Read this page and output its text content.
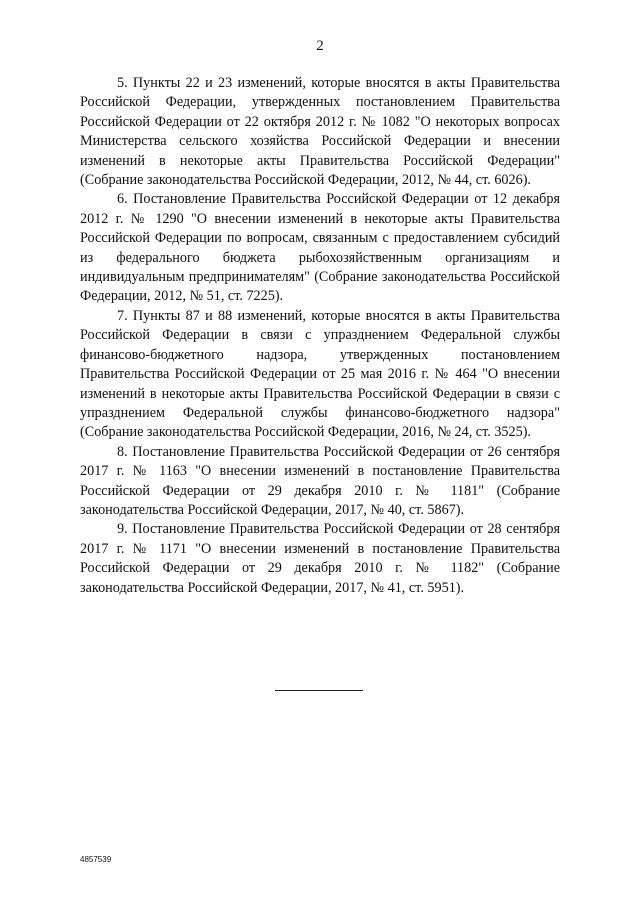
2

5. Пункты 22 и 23 изменений, которые вносятся в акты Правительства Российской Федерации, утвержденных постановлением Правительства Российской Федерации от 22 октября 2012 г. № 1082 "О некоторых вопросах Министерства сельского хозяйства Российской Федерации и внесении изменений в некоторые акты Правительства Российской Федерации" (Собрание законодательства Российской Федерации, 2012, № 44, ст. 6026).

6. Постановление Правительства Российской Федерации от 12 декабря 2012 г. № 1290 "О внесении изменений в некоторые акты Правительства Российской Федерации по вопросам, связанным с предоставлением субсидий из федерального бюджета рыбохозяйственным организациям и индивидуальным предпринимателям" (Собрание законодательства Российской Федерации, 2012, № 51, ст. 7225).

7. Пункты 87 и 88 изменений, которые вносятся в акты Правительства Российской Федерации в связи с упразднением Федеральной службы финансово-бюджетного надзора, утвержденных постановлением Правительства Российской Федерации от 25 мая 2016 г. № 464 "О внесении изменений в некоторые акты Правительства Российской Федерации в связи с упразднением Федеральной службы финансово-бюджетного надзора" (Собрание законодательства Российской Федерации, 2016, № 24, ст. 3525).

8. Постановление Правительства Российской Федерации от 26 сентября 2017 г. № 1163 "О внесении изменений в постановление Правительства Российской Федерации от 29 декабря 2010 г. № 1181" (Собрание законодательства Российской Федерации, 2017, № 40, ст. 5867).

9. Постановление Правительства Российской Федерации от 28 сентября 2017 г. № 1171 "О внесении изменений в постановление Правительства Российской Федерации от 29 декабря 2010 г. № 1182" (Собрание законодательства Российской Федерации, 2017, № 41, ст. 5951).

4857539
